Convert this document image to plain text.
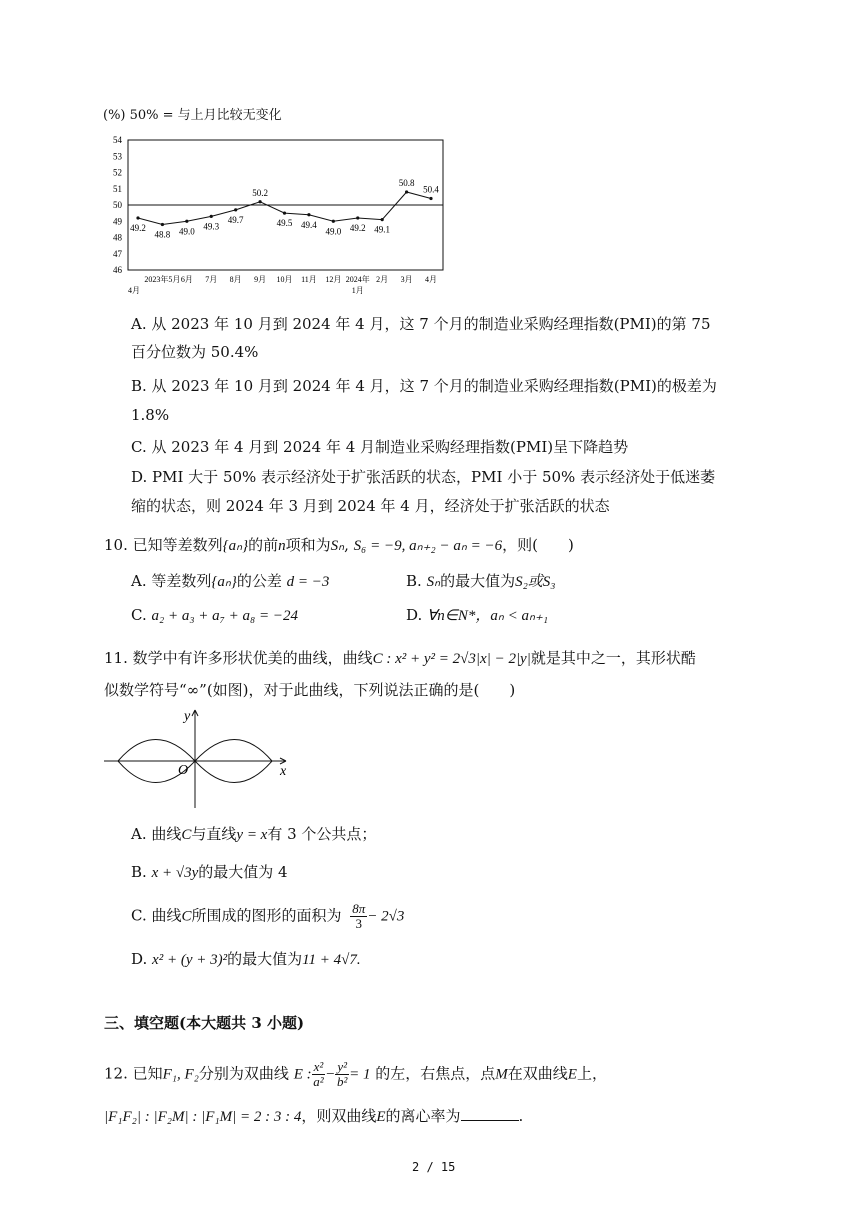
(%) 50% = 与上月比较无变化
54
53
52
51
50
49
48
47
46
2023年5月 6月 7月 8月 9月 10月 11月 12月 2024年 2月 3月 4月
4月	1月
49.2
48.8 49.0 49.3
49.7
50.2
49.5 49.4
49.0 49.2 49.1
50.8
50.4
A. 从 2023 年 10 月到 2024 年 4 月，这 7 个月的制造业采购经理指数(PMI)的第 75
百分位数为 50.4%
B. 从 2023 年 10 月到 2024 年 4 月，这 7 个月的制造业采购经理指数(PMI)的极差为
1.8%
C. 从 2023 年 4 月到 2024 年 4 月制造业采购经理指数(PMI)呈下降趋势
D. PMI 大于 50% 表示经济处于扩张活跃的状态，PMI 小于 50% 表示经济处于低迷萎
缩的状态，则 2024 年 3 月到 2024 年 4 月，经济处于扩张活跃的状态
10. 已知等差数列{aₙ}的前n项和为Sₙ, S₆ = −9, aₙ₊₂ − aₙ = −6，则(　　)
A. 等差数列{aₙ}的公差 d = −3	B. Sₙ的最大值为S₂或S₃
C. a₂ + a₃ + a₇ + a₈ = −24	D. ∀n∈N*，aₙ < aₙ₊₁
11. 数学中有许多形状优美的曲线，曲线C : x² + y² = 2√3|x| − 2|y|就是其中之一，其形状酷
似数学符号“∞”(如图)，对于此曲线，下列说法正确的是(　　)
y
O	x
A. 曲线C与直线y = x有 3 个公共点；
B. x + √3y的最大值为 4
C. 曲线C所围成的图形的面积为 $\frac{8\pi}{3} - 2√3$
D. x² + (y + 3)²的最大值为11 + 4√7.
三、填空题(本大题共 3 小题)
12. 已知F₁, F₂分别为双曲线 E : $\frac{\text{x²}}{\text{a²}} - \frac{\text{y²}}{\text{b²}} = 1$ 的左，右焦点，点M在双曲线E上，
|F₁F₂| : |F₂M| : |F₁M| = 2 : 3 : 4，则双曲线E的离心率为	.
2 / 15
